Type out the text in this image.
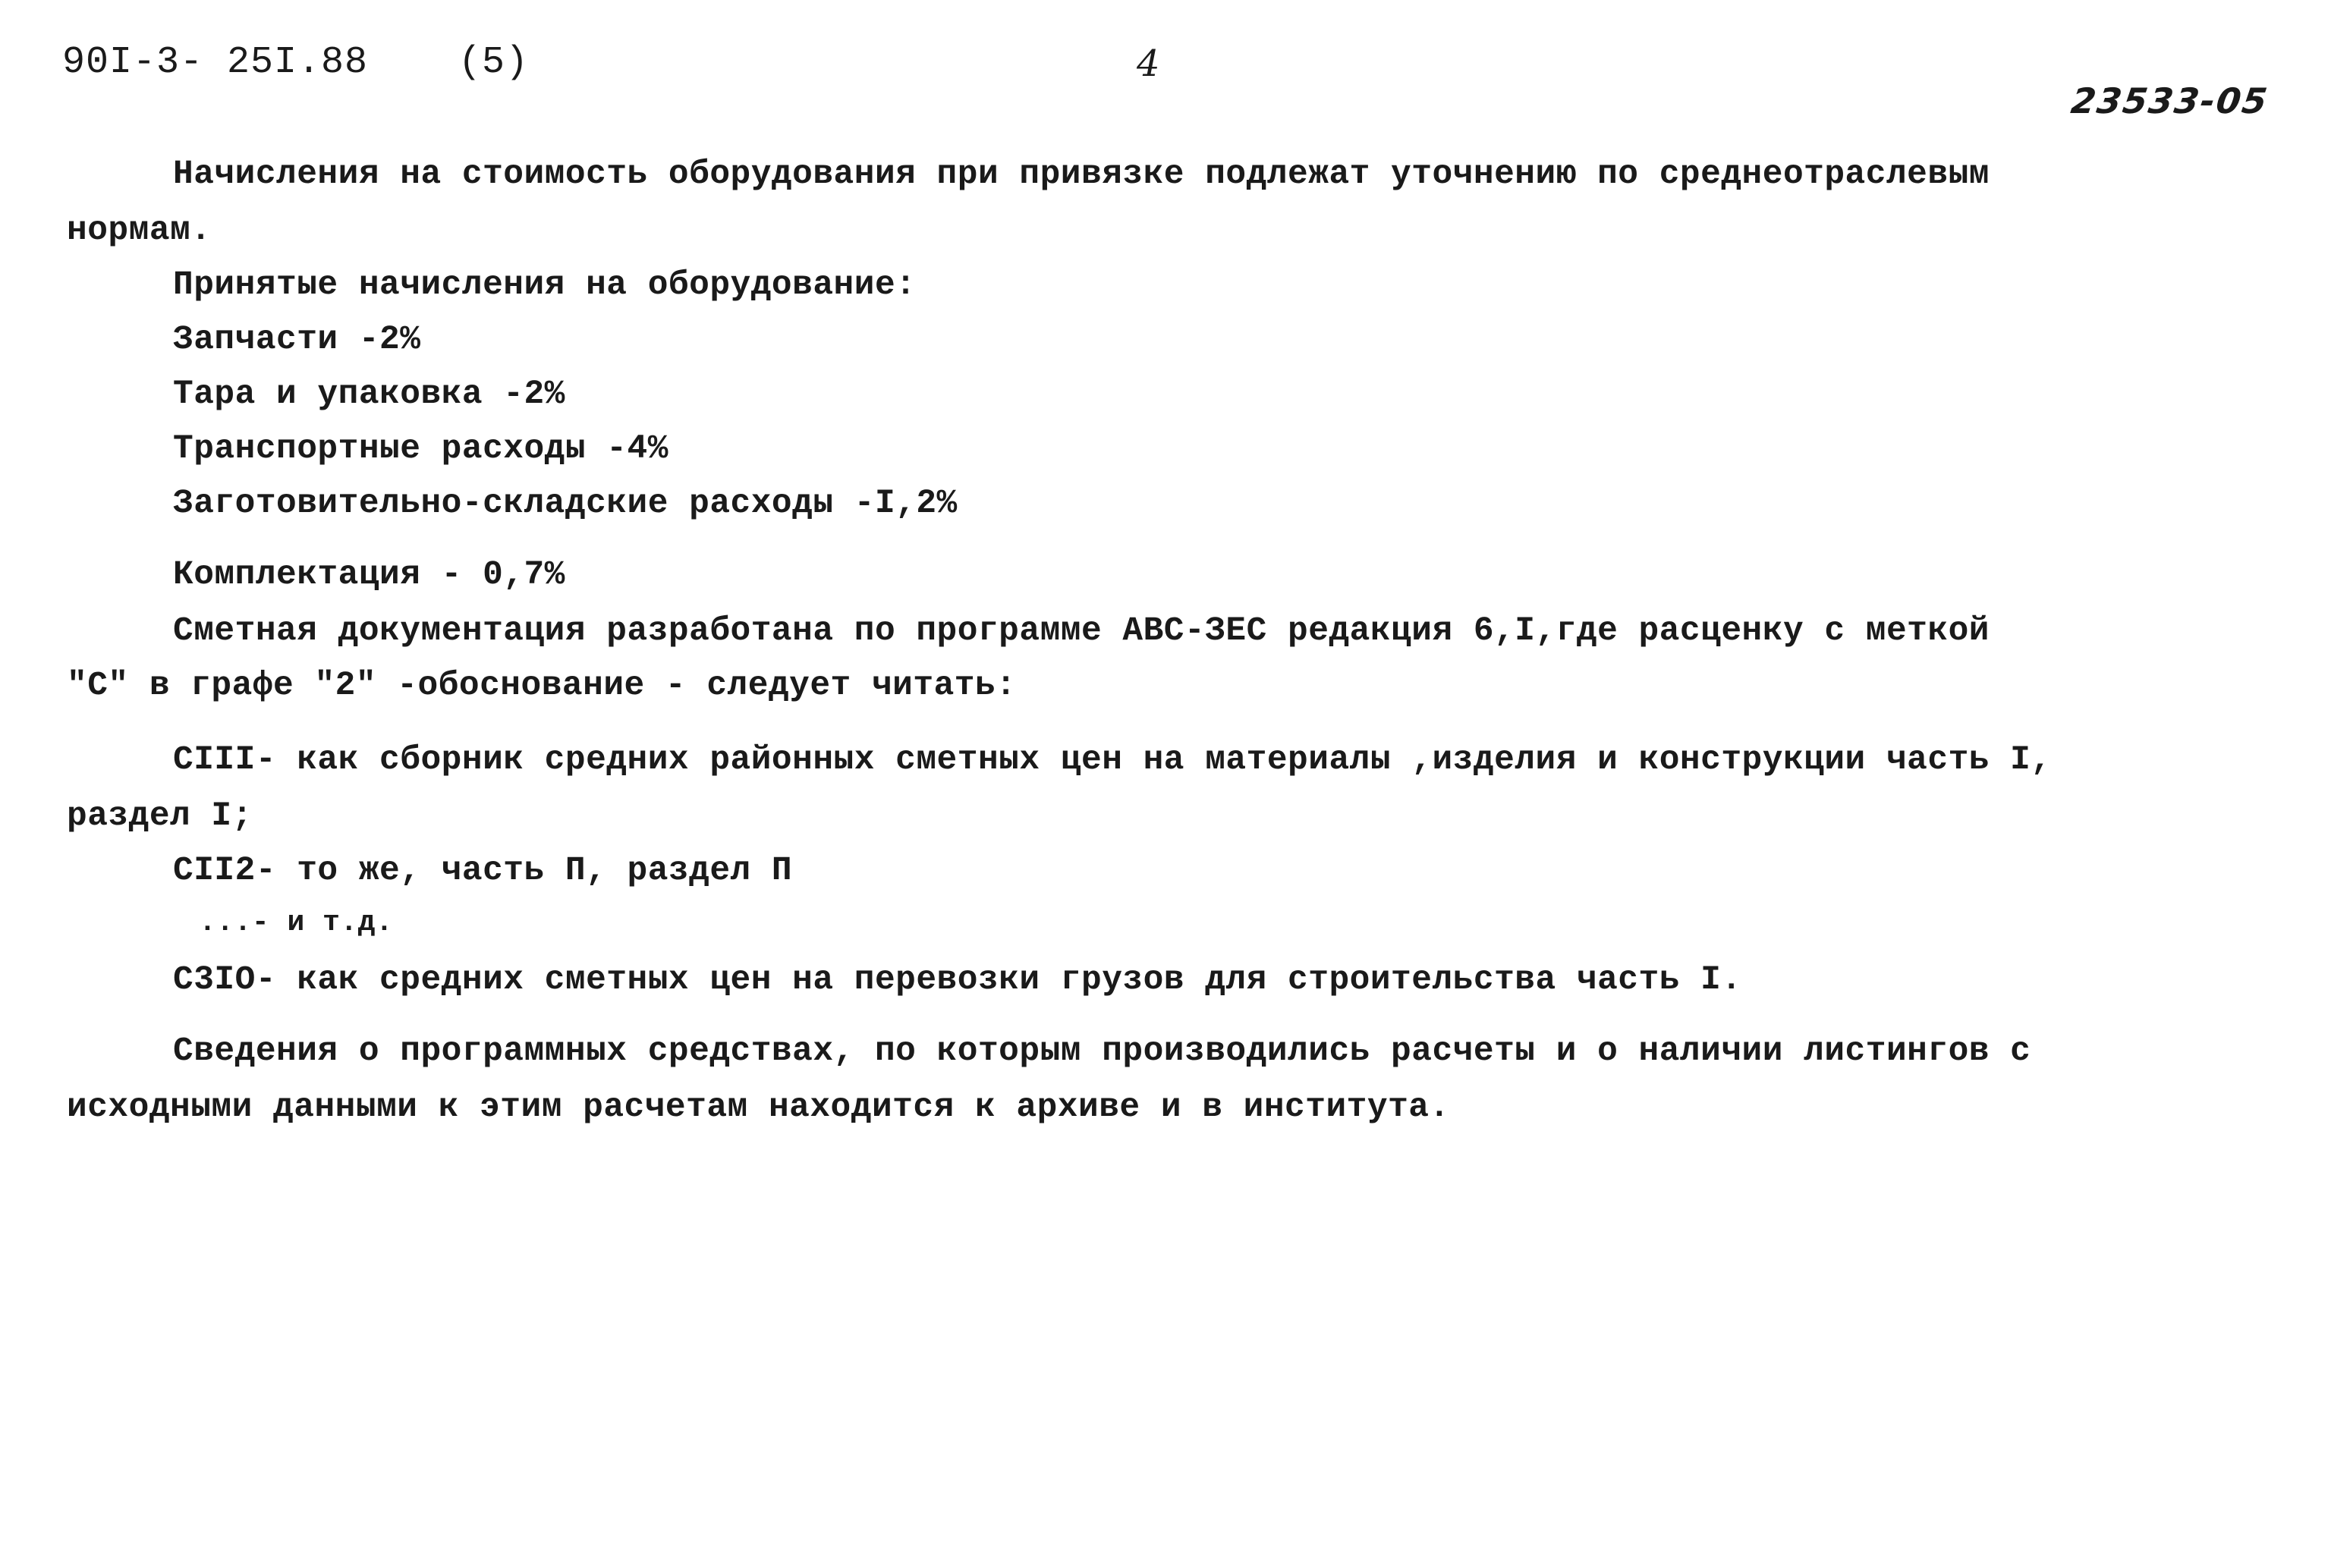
90I-3- 25I.88 (5)	4
23533-05
Начисления на стоимость оборудования при привязке подлежат уточнению по среднеотраслевым
нормам.
Принятые начисления на оборудование:
Запчасти -2%
Тара и упаковка -2%
Транспортные расходы -4%
Заготовительно-складские расходы -I,2%
Комплектация - 0,7%
Сметная документация разработана по программе АВС-ЗЕС редакция 6,I,где расценку с меткой
"С" в графе "2" -обоснование - следует читать:
CIII- как сборник средних районных сметных цен на материалы ,изделия и конструкции часть I,
раздел I;
CII2- то же, часть П, раздел П
...- и т.д.
C3IO- как средних сметных цен на перевозки грузов для строительства часть I.
Сведения о программных средствах, по которым производились расчеты и о наличии листингов с
исходными данными к этим расчетам находится к архиве и в института.
